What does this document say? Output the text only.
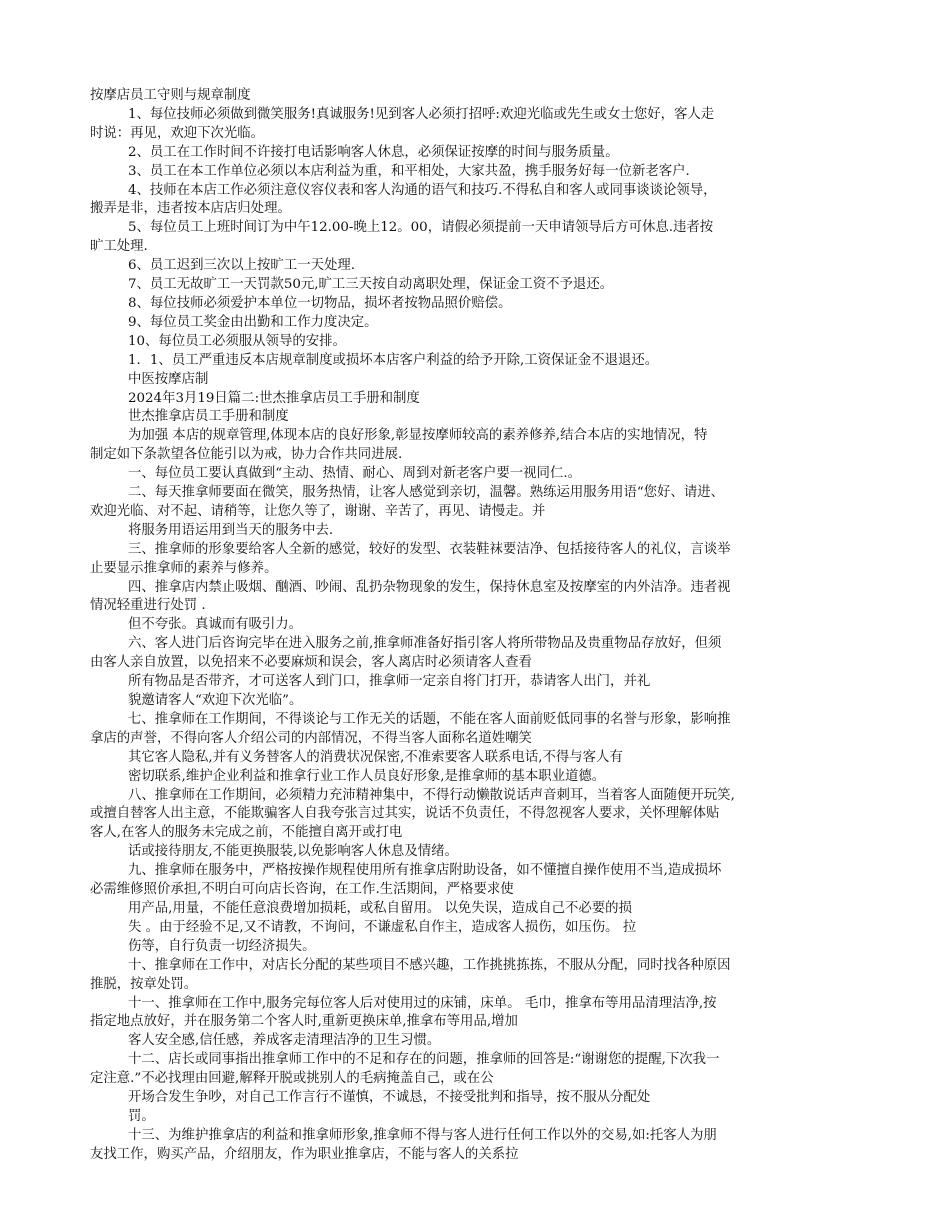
按摩店员工守则与规章制度
1、每位技师必须做到微笑服务!真诚服务!见到客人必须打招呼:欢迎光临或先生或女士您好，客人走
时说：再见，欢迎下次光临。
2、员工在工作时间不许接打电话影响客人休息，必须保证按摩的时间与服务质量。
3、员工在本工作单位必须以本店利益为重，和平相处，大家共盈，携手服务好每一位新老客户.
4、技师在本店工作必须注意仪容仪表和客人沟通的语气和技巧.不得私自和客人或同事谈谈论领导，
搬弄是非，违者按本店店归处理。
5、每位员工上班时间订为中午12.00-晚上12。00，请假必须提前一天申请领导后方可休息.违者按
旷工处理.
6、员工迟到三次以上按旷工一天处理.
7、员工无故旷工一天罚款50元,旷工三天按自动离职处理，保证金工资不予退还。
8、每位技师必须爱护本单位一切物品，损坏者按物品照价赔偿。
9、每位员工奖金由出勤和工作力度决定。
10、每位员工必须服从领导的安排。
1．1、员工严重违反本店规章制度或损坏本店客户利益的给予开除,工资保证金不退退还。
中医按摩店制
2024年3月19日篇二:世杰推拿店员工手册和制度
世杰推拿店员工手册和制度
为加强 本店的规章管理,体现本店的良好形象,彰显按摩师较高的素养修养,结合本店的实地情况，特
制定如下条款望各位能引以为戒，协力合作共同进展.
一、每位员工要认真做到“主动、热情、耐心、周到对新老客户要一视同仁.。
二、每天推拿师要面在微笑，服务热情，让客人感觉到亲切，温馨。熟练运用服务用语“您好、请进、
欢迎光临、对不起、请稍等，让您久等了，谢谢、辛苦了，再见、请慢走。并
将服务用语运用到当天的服务中去.
三、推拿师的形象要给客人全新的感觉，较好的发型、衣装鞋袜要洁净、包括接待客人的礼仪，言谈举
止要显示推拿师的素养与修养。
四、推拿店内禁止吸烟、酗酒、吵闹、乱扔杂物现象的发生，保持休息室及按摩室的内外洁净。违者视
情况轻重进行处罚 .
但不夸张。真诚而有吸引力。
六、客人进门后咨询完毕在进入服务之前,推拿师准备好指引客人将所带物品及贵重物品存放好，但须
由客人亲自放置，以免招来不必要麻烦和误会，客人离店时必须请客人查看
所有物品是否带齐，才可送客人到门口，推拿师一定亲自将门打开，恭请客人出门，并礼
貌邀请客人“欢迎下次光临”。
七、推拿师在工作期间，不得谈论与工作无关的话题，不能在客人面前贬低同事的名誉与形象，影响推
拿店的声誉，不得向客人介绍公司的内部情况，不得当客人面称名道姓嘲笑
其它客人隐私,并有义务替客人的消费状况保密,不准索要客人联系电话,不得与客人有
密切联系,维护企业利益和推拿行业工作人员良好形象,是推拿师的基本职业道德。
八、推拿师在工作期间，必须精力充沛精神集中，不得行动懒散说话声音刺耳，当着客人面随便开玩笑,
或擅自替客人出主意，不能欺骗客人自我夸张言过其实，说话不负责任，不得忽视客人要求，关怀理解体贴
客人,在客人的服务未完成之前，不能擅自离开或打电
话或接待朋友,不能更换服装,以免影响客人休息及情绪。
九、推拿师在服务中，严格按操作规程使用所有推拿店附助设备，如不懂擅自操作使用不当,造成损坏
必需维修照价承担,不明白可向店长咨询，在工作.生活期间，严格要求使
用产品,用量，不能任意浪费增加损耗，或私自留用。 以免失误，造成自己不必要的损
失 。由于经验不足,又不请教，不询问，不谦虚私自作主，造成客人损伤，如压伤。 拉
伤等，自行负责一切经济损失。
十、推拿师在工作中，对店长分配的某些项目不感兴趣，工作挑挑拣拣，不服从分配，同时找各种原因
推脱，按章处罚。
十一、推拿师在工作中,服务完每位客人后对使用过的床铺，床单。 毛巾，推拿布等用品清理洁净,按
指定地点放好，并在服务第二个客人时,重新更换床单,推拿布等用品,增加
客人安全感,信任感，养成客走清理洁净的卫生习惯。
十二、店长或同事指出推拿师工作中的不足和存在的问题，推拿师的回答是:“谢谢您的提醒,下次我一
定注意.”不必找理由回避,解释开脱或挑别人的毛病掩盖自己，或在公
开场合发生争吵，对自己工作言行不谨慎，不诚恳，不接受批判和指导，按不服从分配处
罚。
十三、为维护推拿店的利益和推拿师形象,推拿师不得与客人进行任何工作以外的交易,如:托客人为朋
友找工作，购买产品，介绍朋友，作为职业推拿店，不能与客人的关系拉
